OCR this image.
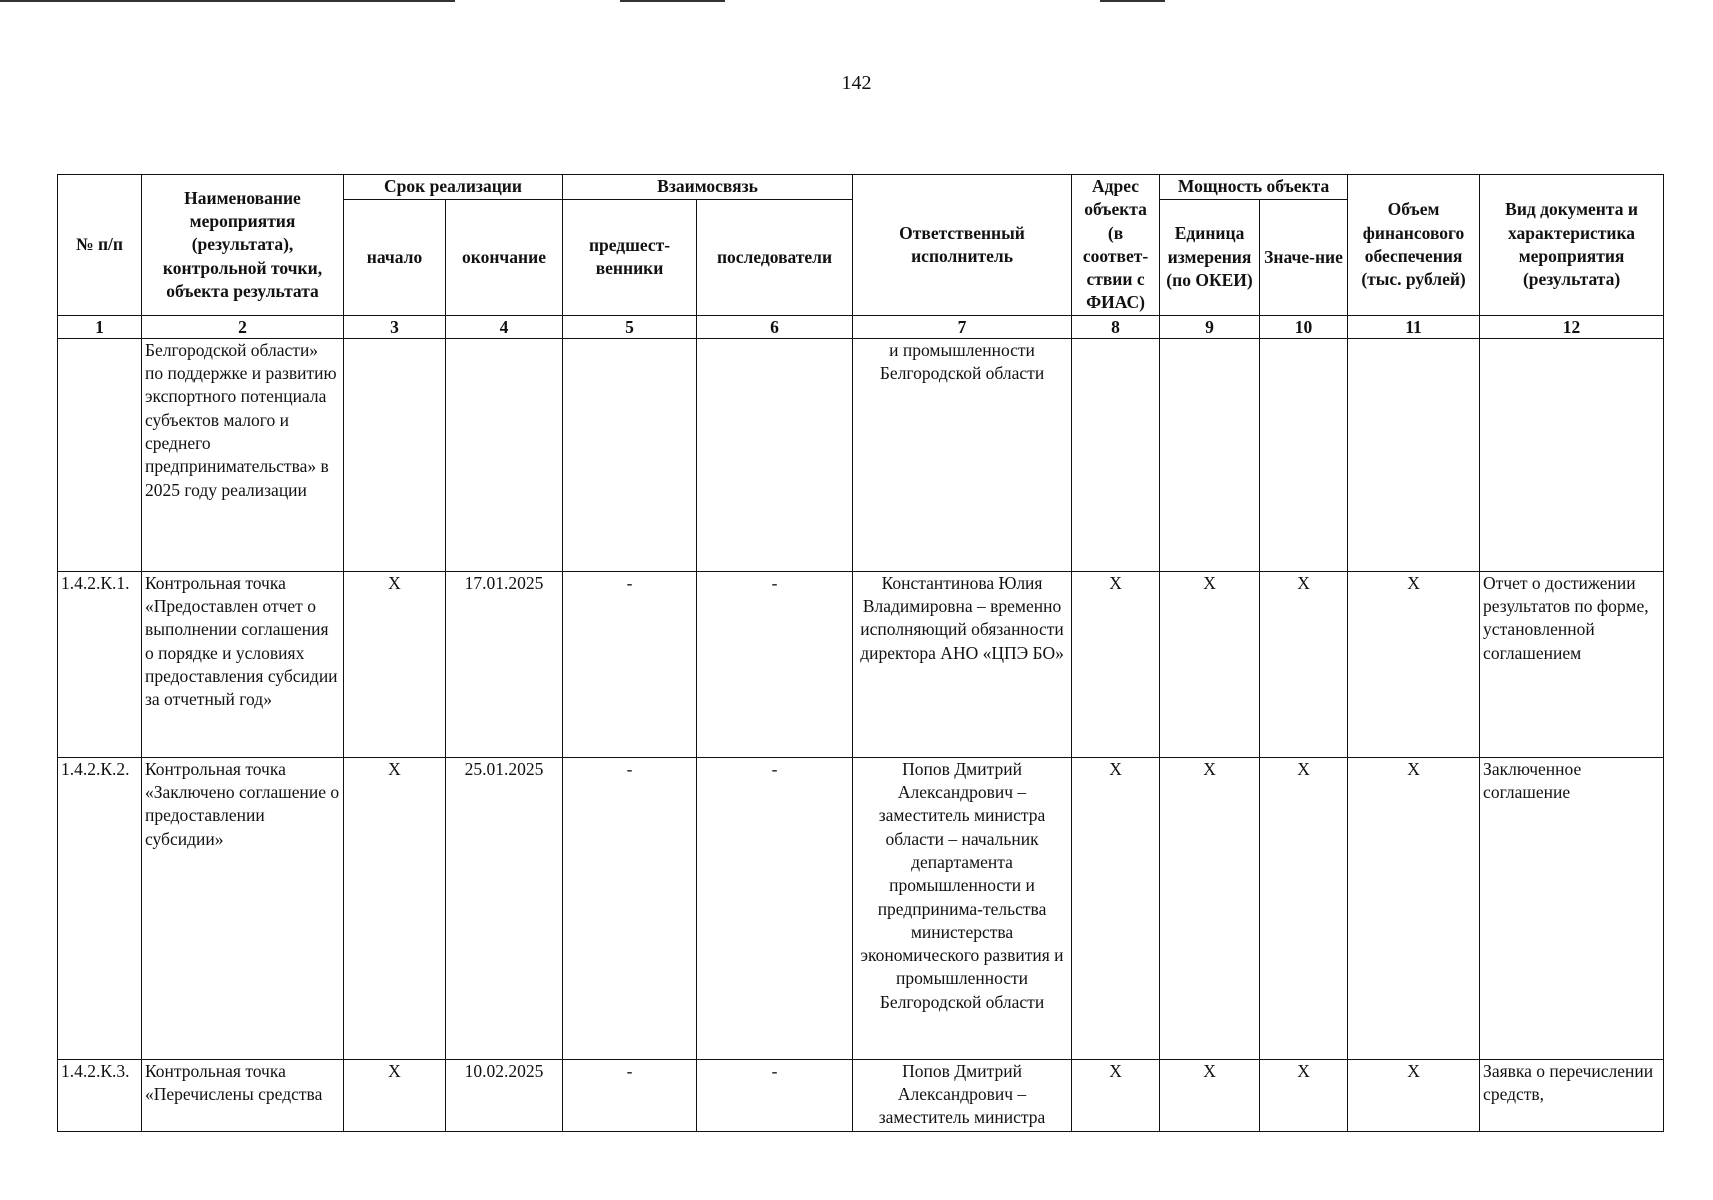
142
№ п/п	Наименование мероприятия (результата), контрольной точки, объекта результата	Срок реализации		Взаимосвязь		Ответственный исполнитель	Адрес объекта (в соответ-ствии с ФИАС)	Мощность объекта		Объем финансового обеспечения (тыс. рублей)	Вид документа и характеристика мероприятия (результата)
		начало	окончание	предшест-венники	последователи			Единица измерения (по ОКЕИ)	Значе-ние		
1	2	3	4	5	6	7	8	9	10	11	12
	Белгородской области» по поддержке и развитию экспортного потенциала субъектов малого и среднего предпринимательства» в 2025 году реализации					и промышленности Белгородской области					
1.4.2.К.1.	Контрольная точка «Предоставлен отчет о выполнении соглашения о порядке и условиях предоставления субсидии за отчетный год»	X	17.01.2025	-	-	Константинова Юлия Владимировна – временно исполняющий обязанности директора АНО «ЦПЭ БО»	X	X	X	X	Отчет о достижении результатов по форме, установленной соглашением
1.4.2.К.2.	Контрольная точка «Заключено соглашение о предоставлении субсидии»	X	25.01.2025	-	-	Попов Дмитрий Александрович – заместитель министра области – начальник департамента промышленности и предпринима-тельства министерства экономического развития и промышленности Белгородской области	X	X	X	X	Заключенное соглашение
1.4.2.К.3.	Контрольная точка «Перечислены средства	X	10.02.2025	-	-	Попов Дмитрий Александрович – заместитель министра	X	X	X	X	Заявка о перечислении средств,
